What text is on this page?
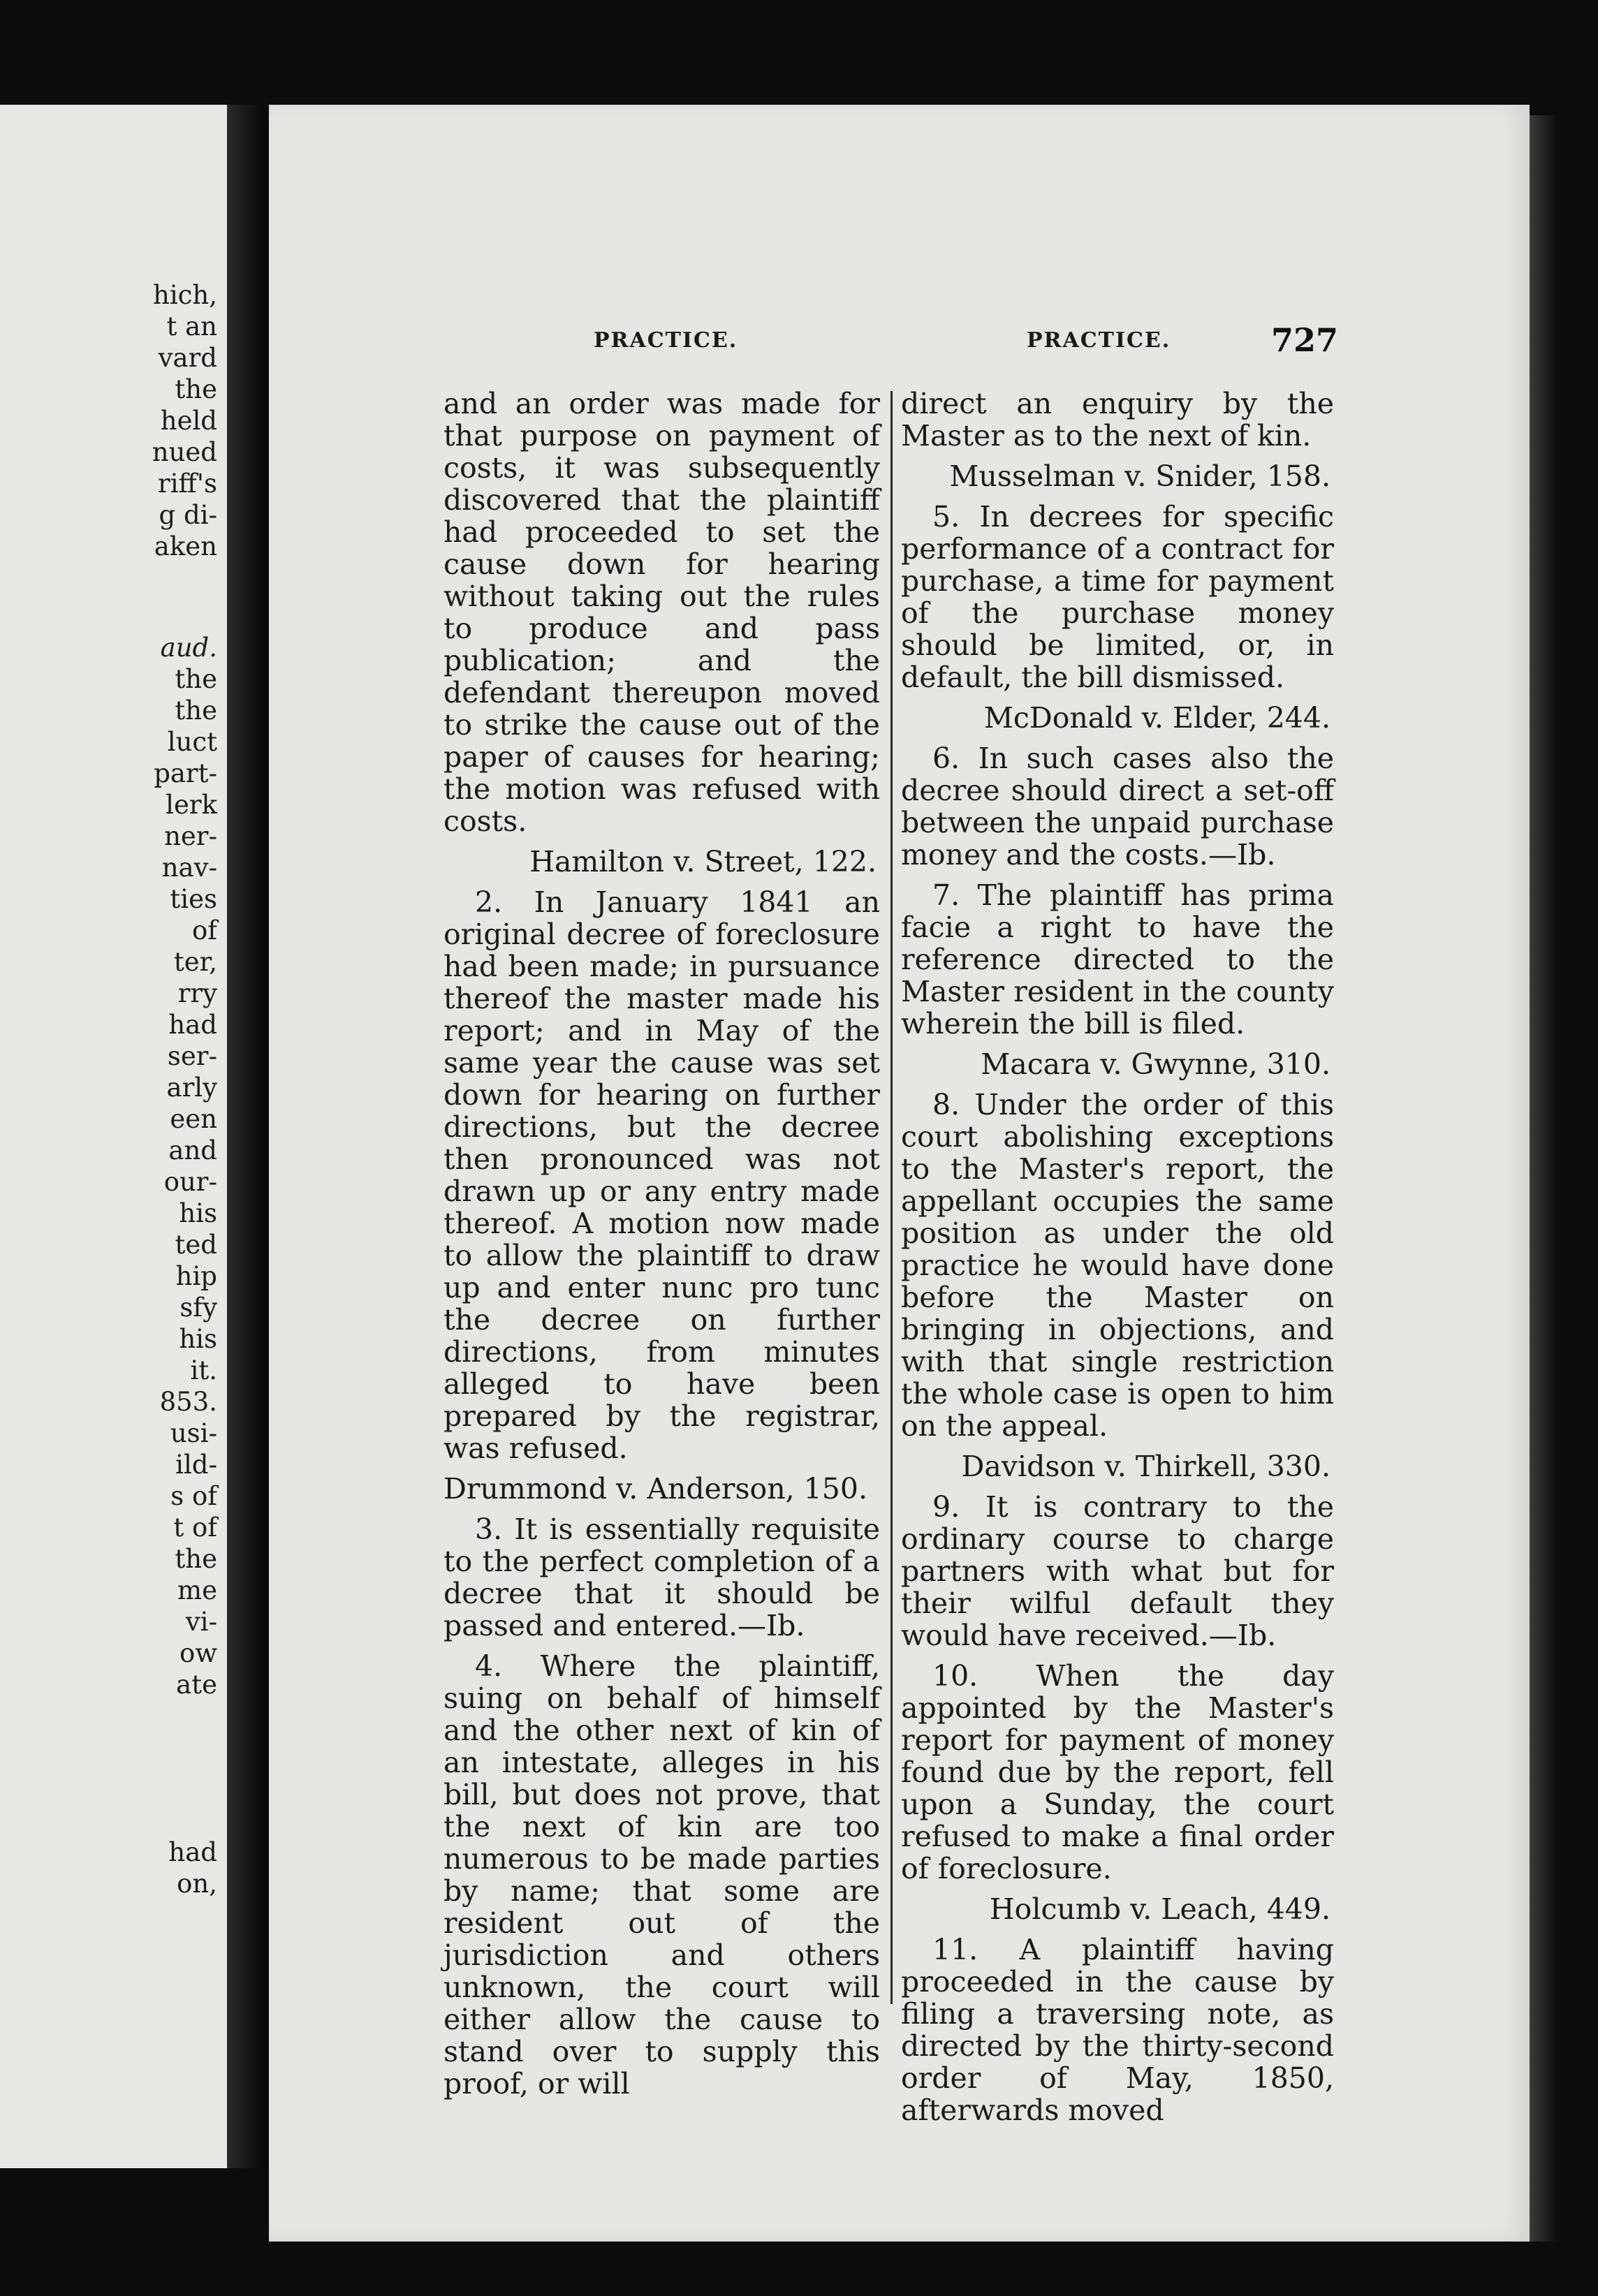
hich,
t an
vard
the
held
nued
riff's
g di-
aken
aud.
the
the
luct
part-
lerk
ner-
nav-
ties
of
ter,
rry
had
ser-
arly
een
and
our-
his
ted
hip
sfy
his
it.
853.
usi-
ild-
s of
t of
the
me
vi-
ow
ate
had
on,
PRACTICE.	PRACTICE.	727

and an order was made for that purpose on payment of costs, it was subsequently discovered that the plaintiff had proceeded to set the cause down for hearing without taking out the rules to produce and pass publication; and the defendant thereupon moved to strike the cause out of the paper of causes for hearing; the motion was refused with costs.

Hamilton v. Street, 122.

2. In January 1841 an original decree of foreclosure had been made; in pursuance thereof the master made his report; and in May of the same year the cause was set down for hearing on further directions, but the decree then pronounced was not drawn up or any entry made thereof. A motion now made to allow the plaintiff to draw up and enter nunc pro tunc the decree on further directions, from minutes alleged to have been prepared by the registrar, was refused.

Drummond v. Anderson, 150.

3. It is essentially requisite to the perfect completion of a decree that it should be passed and entered.—Ib.

4. Where the plaintiff, suing on behalf of himself and the other next of kin of an intestate, alleges in his bill, but does not prove, that the next of kin are too numerous to be made parties by name; that some are resident out of the jurisdiction and others unknown, the court will either allow the cause to stand over to supply this proof, or will

direct an enquiry by the Master as to the next of kin.

Musselman v. Snider, 158.

5. In decrees for specific performance of a contract for purchase, a time for payment of the purchase money should be limited, or, in default, the bill dismissed.

McDonald v. Elder, 244.

6. In such cases also the decree should direct a set-off between the unpaid purchase money and the costs.—Ib.

7. The plaintiff has prima facie a right to have the reference directed to the Master resident in the county wherein the bill is filed.

Macara v. Gwynne, 310.

8. Under the order of this court abolishing exceptions to the Master's report, the appellant occupies the same position as under the old practice he would have done before the Master on bringing in objections, and with that single restriction the whole case is open to him on the appeal.

Davidson v. Thirkell, 330.

9. It is contrary to the ordinary course to charge partners with what but for their wilful default they would have received.—Ib.

10. When the day appointed by the Master's report for payment of money found due by the report, fell upon a Sunday, the court refused to make a final order of foreclosure.

Holcumb v. Leach, 449.

11. A plaintiff having proceeded in the cause by filing a traversing note, as directed by the thirty-second order of May, 1850, afterwards moved
